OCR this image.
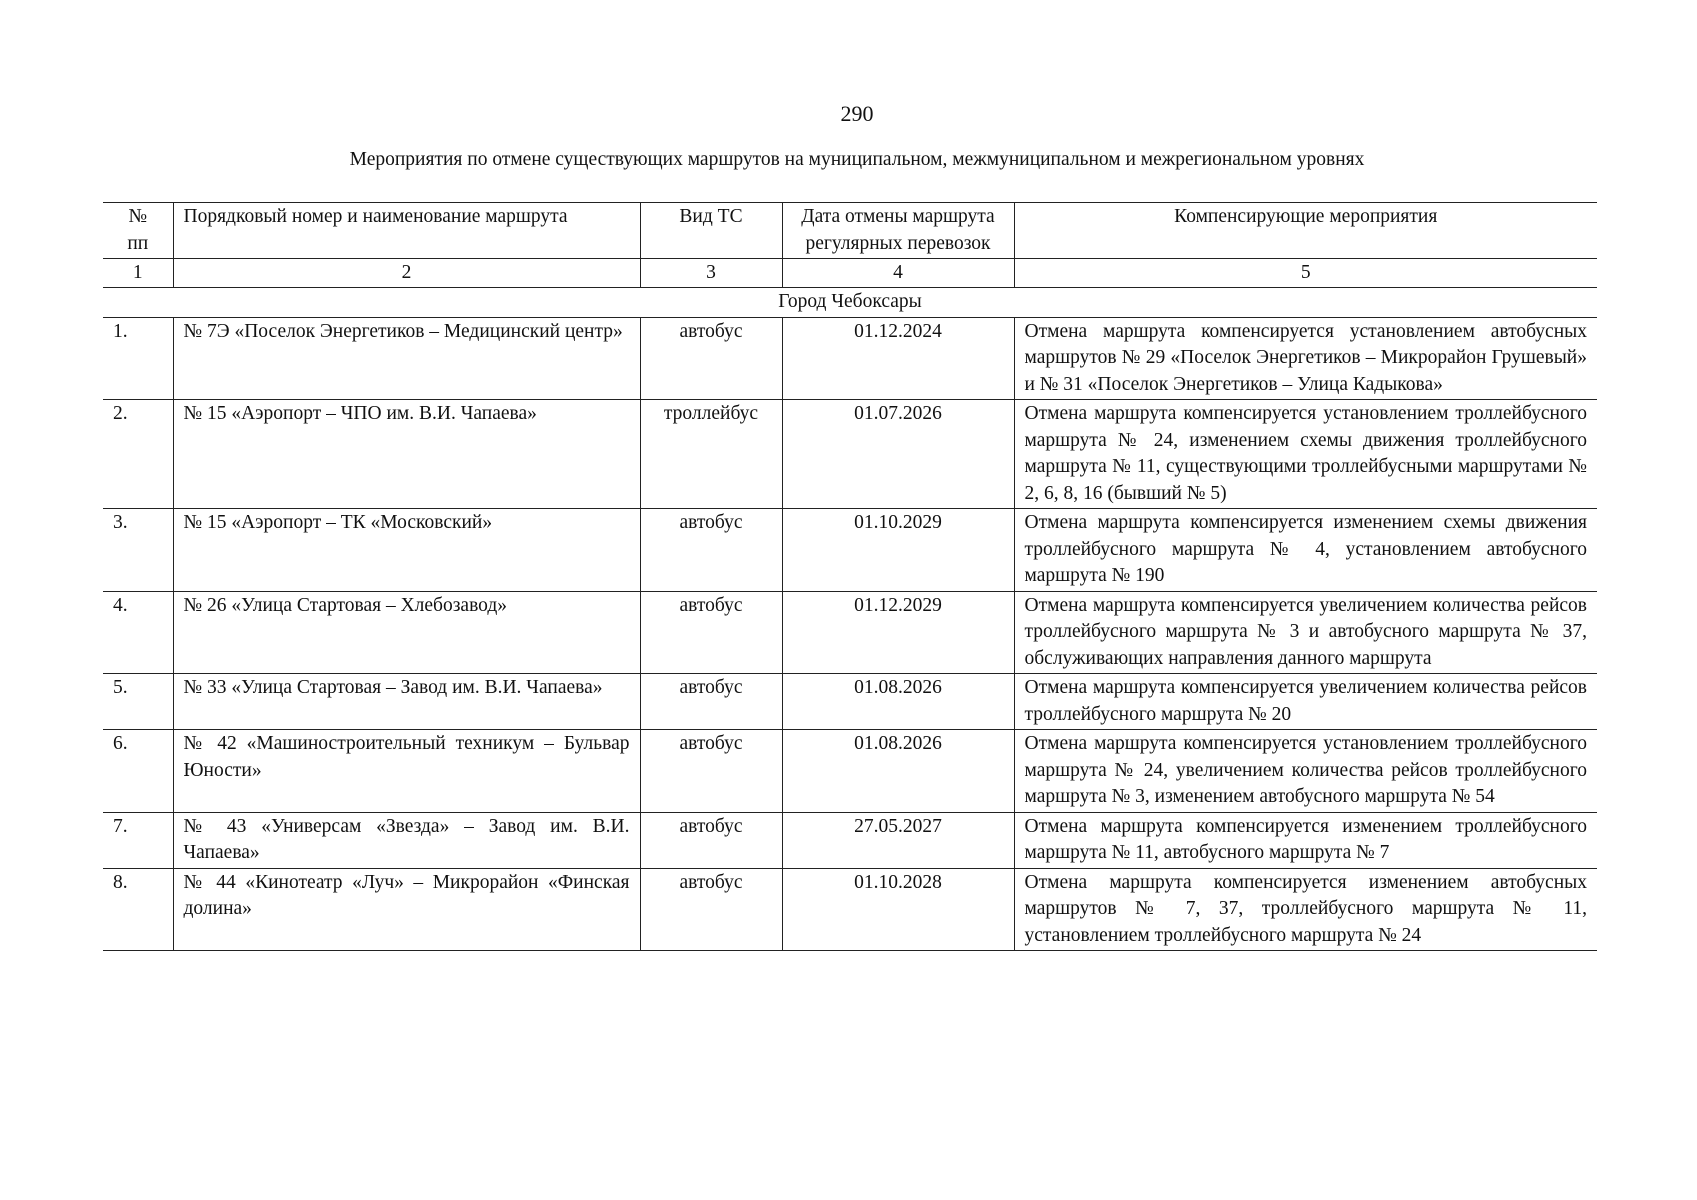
290
Мероприятия по отмене существующих маршрутов на муниципальном, межмуниципальном и межрегиональном уровнях
№ пп	Порядковый номер и наименование маршрута	Вид ТС	Дата отмены маршрута регулярных перевозок	Компенсирующие мероприятия
1	2	3	4	5
Город Чебоксары				
1.	№ 7Э «Поселок Энергетиков – Медицинский центр»	автобус	01.12.2024	Отмена маршрута компенсируется установлением автобусных маршрутов № 29 «Поселок Энергетиков – Микрорайон Грушевый» и № 31 «Поселок Энергетиков – Улица Кадыкова»
2.	№ 15 «Аэропорт – ЧПО им. В.И. Чапаева»	троллейбус	01.07.2026	Отмена маршрута компенсируется установлением троллейбусного маршрута № 24, изменением схемы движения троллейбусного маршрута № 11, существующими троллейбусными маршрутами № 2, 6, 8, 16 (бывший № 5)
3.	№ 15 «Аэропорт – ТК «Московский»	автобус	01.10.2029	Отмена маршрута компенсируется изменением схемы движения троллейбусного маршрута № 4, установлением автобусного маршрута № 190
4.	№ 26 «Улица Стартовая – Хлебозавод»	автобус	01.12.2029	Отмена маршрута компенсируется увеличением количества рейсов троллейбусного маршрута № 3 и автобусного маршрута № 37, обслуживающих направления данного маршрута
5.	№ 33 «Улица Стартовая – Завод им. В.И. Чапаева»	автобус	01.08.2026	Отмена маршрута компенсируется увеличением количества рейсов троллейбусного маршрута № 20
6.	№ 42 «Машиностроительный техникум – Бульвар Юности»	автобус	01.08.2026	Отмена маршрута компенсируется установлением троллейбусного маршрута № 24, увеличением количества рейсов троллейбусного маршрута № 3, изменением автобусного маршрута № 54
7.	№ 43 «Универсам «Звезда» – Завод им. В.И. Чапаева»	автобус	27.05.2027	Отмена маршрута компенсируется изменением троллейбусного маршрута № 11, автобусного маршрута № 7
8.	№ 44 «Кинотеатр «Луч» – Микрорайон «Финская долина»	автобус	01.10.2028	Отмена маршрута компенсируется изменением автобусных маршрутов № 7, 37, троллейбусного маршрута № 11, установлением троллейбусного маршрута № 24
